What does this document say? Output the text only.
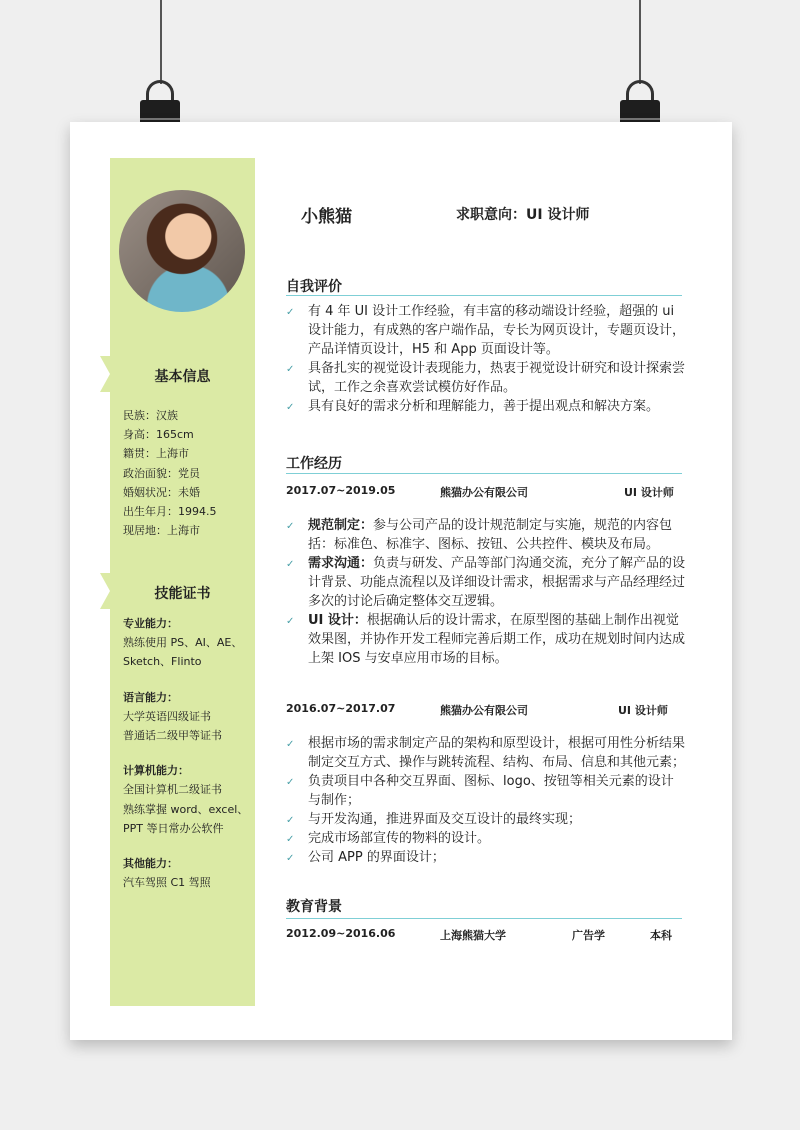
基本信息
民族：汉族
身高：165cm
籍贯：上海市
政治面貌：党员
婚姻状况：未婚
出生年月：1994.5
现居地：上海市
技能证书
专业能力：
熟练使用 PS、AI、AE、
Sketch、Flinto
语言能力：
大学英语四级证书
普通话二级甲等证书
计算机能力：
全国计算机二级证书
熟练掌握 word、excel、
PPT 等日常办公软件
其他能力：
汽车驾照 C1 驾照
小熊猫	求职意向：UI 设计师
自我评价
✓ 有 4 年 UI 设计工作经验，有丰富的移动端设计经验，超强的 ui 设计能力，有成熟的客户端作品，专长为网页设计，专题页设计，产品详情页设计，H5 和 App 页面设计等。
✓ 具备扎实的视觉设计表现能力，热衷于视觉设计研究和设计探索尝试，工作之余喜欢尝试模仿好作品。
✓ 具有良好的需求分析和理解能力，善于提出观点和解决方案。
工作经历
2017.07~2019.05	熊猫办公有限公司	UI 设计师
✓ 规范制定：参与公司产品的设计规范制定与实施，规范的内容包括：标准色、标准字、图标、按钮、公共控件、模块及布局。
✓ 需求沟通：负责与研发、产品等部门沟通交流，充分了解产品的设计背景、功能点流程以及详细设计需求，根据需求与产品经理经过多次的讨论后确定整体交互逻辑。
✓ UI 设计：根据确认后的设计需求，在原型图的基础上制作出视觉效果图，并协作开发工程师完善后期工作，成功在规划时间内达成上架 IOS 与安卓应用市场的目标。
2016.07~2017.07	熊猫办公有限公司	UI 设计师
✓ 根据市场的需求制定产品的架构和原型设计，根据可用性分析结果制定交互方式、操作与跳转流程、结构、布局、信息和其他元素；
✓ 负责项目中各种交互界面、图标、logo、按钮等相关元素的设计与制作；
✓ 与开发沟通，推进界面及交互设计的最终实现；
✓ 完成市场部宣传的物料的设计。
✓ 公司 APP 的界面设计；
教育背景
2012.09~2016.06	上海熊猫大学	广告学	本科
